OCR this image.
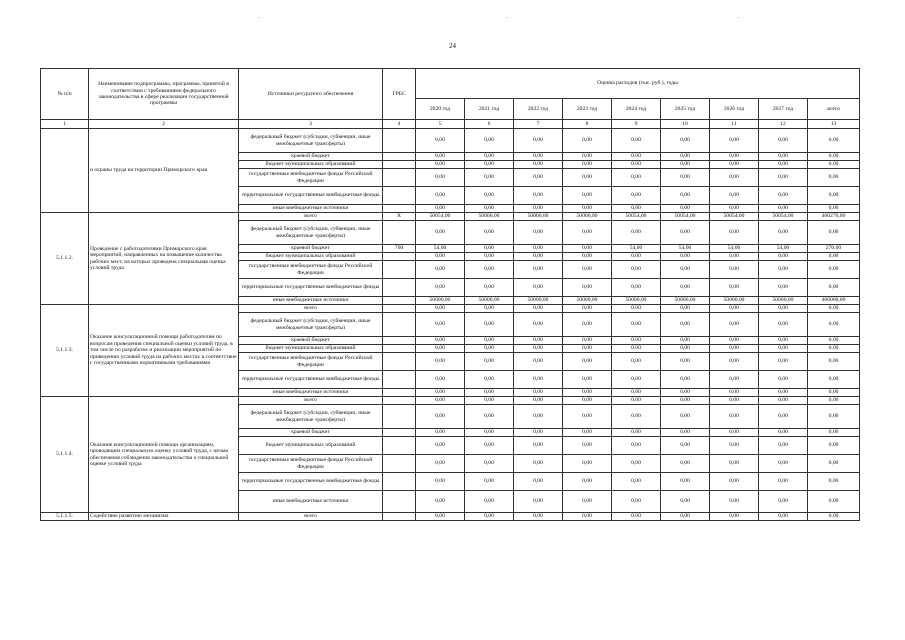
·	·	·
24
№ п/п	Наименование подпрограммы, программы, принятой в соответствии с требованиями федерального законодательства в сфере реализации государственной программы	Источники ресурсного обеспечения	ГРБС	Оценка расходов (тыс. руб.), годы								
				2020 год	2021 год	2022 год	2023 год	2024 год	2025 год	2026 год	2027 год	всего
1	2	3	4	5	6	7	8	9	10	11	12	13
	и охраны труда на территории Приморского края	федеральный бюджет (субсидии, субвенции, иные межбюджетные трансферты)		0,00	0,00	0,00	0,00	0,00	0,00	0,00	0,00	0,00
		краевой бюджет		0,00	0,00	0,00	0,00	0,00	0,00	0,00	0,00	0,00
		бюджет муниципальных образований		0,00	0,00	0,00	0,00	0,00	0,00	0,00	0,00	0,00
		государственные внебюджетные фонды Российской Федерации		0,00	0,00	0,00	0,00	0,00	0,00	0,00	0,00	0,00
		территориальные государственные внебюджетные фонды		0,00	0,00	0,00	0,00	0,00	0,00	0,00	0,00	0,00
		иные внебюджетные источники		0,00	0,00	0,00	0,00	0,00	0,00	0,00	0,00	0,00
5.1.1.2.	Проведение с работодателями Приморского края мероприятий, направленных на повышение количества рабочих мест, на которых проведена специальная оценка условий труда	всего	X	50054,00	50000,00	50000,00	50000,00	50054,00	50054,00	50054,00	50054,00	400270,00
		федеральный бюджет (субсидии, субвенции, иные межбюджетные трансферты)		0,00	0,00	0,00	0,00	0,00	0,00	0,00	0,00	0,00
		краевой бюджет	760	54,00	0,00	0,00	0,00	54,00	54,00	54,00	54,00	270,00
		бюджет муниципальных образований		0,00	0,00	0,00	0,00	0,00	0,00	0,00	0,00	0,00
		государственные внебюджетные фонды Российской Федерации		0,00	0,00	0,00	0,00	0,00	0,00	0,00	0,00	0,00
		территориальные государственные внебюджетные фонды		0,00	0,00	0,00	0,00	0,00	0,00	0,00	0,00	0,00
		иные внебюджетные источники		50000,00	50000,00	50000,00	50000,00	50000,00	50000,00	50000,00	50000,00	400000,00
5.1.1.3.	Оказание консультационной помощи работодателям по вопросам проведения специальной оценки условий труда, в том числе по разработке и реализации мероприятий по приведению условий труда на рабочих местах в соответствие с государственными нормативными требованиями	всего		0,00	0,00	0,00	0,00	0,00	0,00	0,00	0,00	0,00
		федеральный бюджет (субсидии, субвенции, иные межбюджетные трансферты)		0,00	0,00	0,00	0,00	0,00	0,00	0,00	0,00	0,00
		краевой бюджет		0,00	0,00	0,00	0,00	0,00	0,00	0,00	0,00	0,00
		бюджет муниципальных образований		0,00	0,00	0,00	0,00	0,00	0,00	0,00	0,00	0,00
		государственные внебюджетные фонды Российской Федерации		0,00	0,00	0,00	0,00	0,00	0,00	0,00	0,00	0,00
		территориальные государственные внебюджетные фонды		0,00	0,00	0,00	0,00	0,00	0,00	0,00	0,00	0,00
		иные внебюджетные источники		0,00	0,00	0,00	0,00	0,00	0,00	0,00	0,00	0,00
5.1.1.4.	Оказание консультационной помощи организациям, проводящим специальную оценку условий труда, с целью обеспечения соблюдения законодательства о специальной оценке условий труда	всего		0,00	0,00	0,00	0,00	0,00	0,00	0,00	0,00	0,00
		федеральный бюджет (субсидии, субвенции, иные межбюджетные трансферты)		0,00	0,00	0,00	0,00	0,00	0,00	0,00	0,00	0,00
		краевой бюджет		0,00	0,00	0,00	0,00	0,00	0,00	0,00	0,00	0,00
		бюджет муниципальных образований		0,00	0,00	0,00	0,00	0,00	0,00	0,00	0,00	0,00
		государственные внебюджетные фонды Российской Федерации		0,00	0,00	0,00	0,00	0,00	0,00	0,00	0,00	0,00
		территориальные государственные внебюджетные фонды		0,00	0,00	0,00	0,00	0,00	0,00	0,00	0,00	0,00
		иные внебюджетные источники		0,00	0,00	0,00	0,00	0,00	0,00	0,00	0,00	0,00
5.1.1.5.	Содействие развитию механизма	всего		0,00	0,00	0,00	0,00	0,00	0,00	0,00	0,00	0,00
